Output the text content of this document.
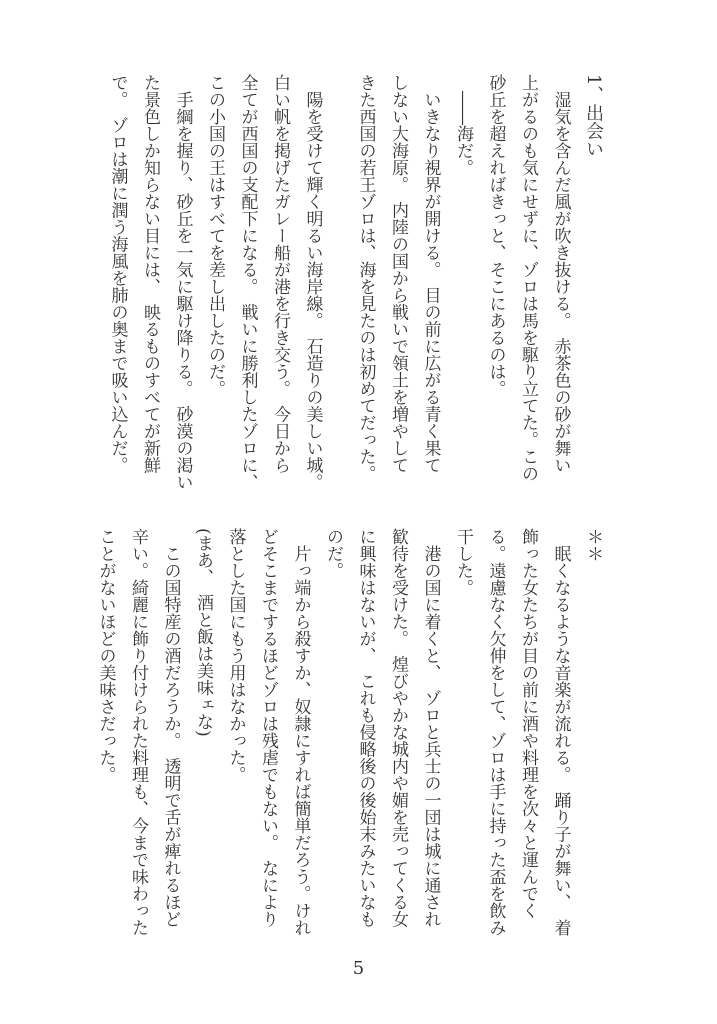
1、出会い
湿気を含んだ風が吹き抜ける。　赤茶色の砂が舞い
上がるのも気にせずに、ゾロは馬を駆り立てた。この
砂丘を超えればきっと、そこにあるのは。
――海だ。
いきなり視界が開ける。　目の前に広がる青く果て
しない大海原。　内陸の国から戦いで領土を増やして
きた西国の若王ゾロは、海を見たのは初めてだった。
陽を受けて輝く明るい海岸線。　石造りの美しい城。
白い帆を掲げたガレー船が港を行き交う。　今日から
全てが西国の支配下になる。　戦いに勝利したゾロに、
この小国の王はすべてを差し出したのだ。
手綱を握り、砂丘を一気に駆け降りる。　砂漠の渇い
た景色しか知らない目には、　映るものすべてが新鮮
で。　ゾロは潮に潤う海風を肺の奥まで吸い込んだ。
＊＊
眠くなるような音楽が流れる。　踊り子が舞い、　着
飾った女たちが目の前に酒や料理を次々と運んでく
る。遠慮なく欠伸をして、ゾロは手に持った盃を飲み
干した。
港の国に着くと、　ゾロと兵士の一団は城に通され
歓待を受けた。　煌びやかな城内や媚を売ってくる女
に興味はないが、　これも侵略後の後始末みたいなも
のだ。
片っ端から殺すか、奴隷にすれば簡単だろう。けれ
どそこまでするほどゾロは残虐でもない。　なにより
落とした国にもう用はなかった。
(まあ、　酒と飯は美味ェな)
この国特産の酒だろうか。　透明で舌が痺れるほど
辛い。綺麗に飾り付けられた料理も、今まで味わった
ことがないほどの美味さだった。
5
